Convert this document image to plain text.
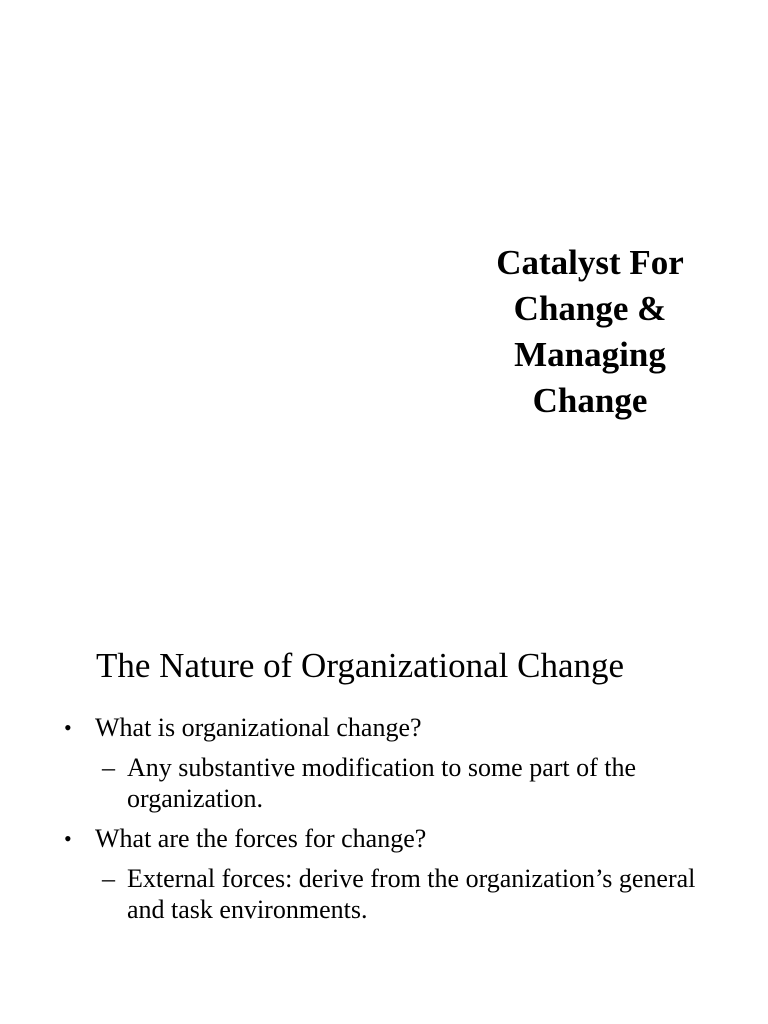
Catalyst For
Change &
Managing
Change
The Nature of Organizational Change
• What is organizational change?
– Any substantive modification to some part of the organization.
• What are the forces for change?
– External forces: derive from the organization’s general and task environments.
